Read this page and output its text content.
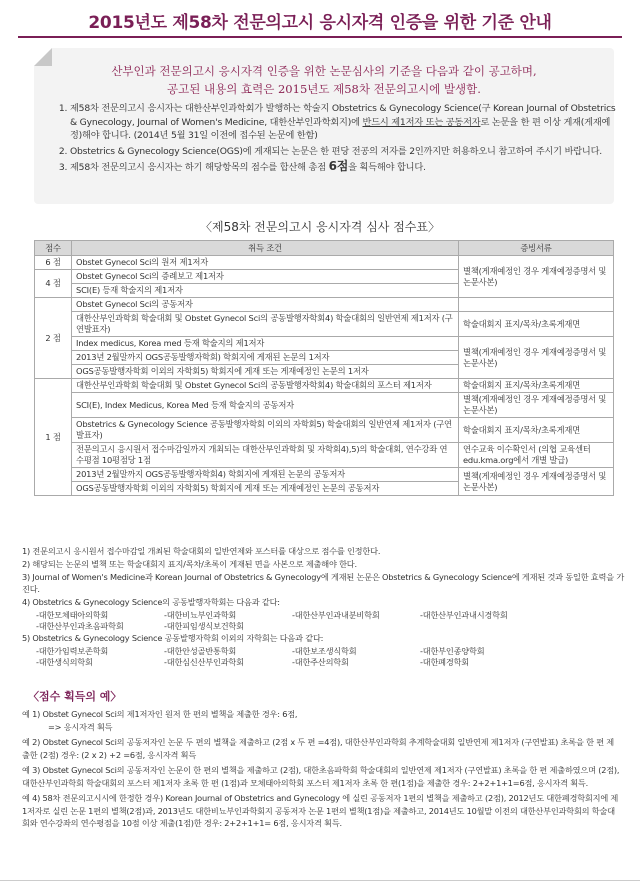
2015년도 제58차 전문의고시 응시자격 인증을 위한 기준 안내
산부인과 전문의고시 응시자격 인증을 위한 논문심사의 기준을 다음과 같이 공고하며,
공고된 내용의 효력은 2015년도 제58차 전문의고시에 발생함.
1. 제58차 전문의고시 응시자는 대한산부인과학회가 발행하는 학술지 Obstetrics & Gynecology Science(구 Korean Journal of Obstetrics & Gynecology, Journal of Women's Medicine, 대한산부인과학회지)에 반드시 제1저자 또는 공동저자로 논문을 한 편 이상 게재(게재예정)해야 합니다. (2014년 5월 31일 이전에 접수된 논문에 한함)
2. Obstetrics & Gynecology Science(OGS)에 게재되는 논문은 한 편당 전공의 저자를 2인까지만 허용하오니 참고하여 주시기 바랍니다.
3. 제58차 전문의고시 응시자는 하기 해당항목의 점수를 합산해 총점 6점을 획득해야 합니다.
〈제58차 전문의고시 응시자격 심사 점수표〉
점수	취득 조건	증빙서류
6 점	Obstet Gynecol Sci의 원저 제1저자	별책(게재예정인 경우 게재예정증명서 및 논문사본)
4 점	Obstet Gynecol Sci의 증례보고 제1저자	
	SCI(E) 등재 학술지의 제1저자	
2 점	Obstet Gynecol Sci의 공동저자	
	대한산부인과학회 학술대회 및 Obstet Gynecol Sci의 공동발행자학회4) 학술대회의 일반연제 제1저자 (구연발표자)	학술대회지 표지/목차/초록게재면
	Index medicus, Korea med 등재 학술지의 제1저자	별책(게재예정인 경우 게재예정증명서 및 논문사본)
	2013년 2월말까지 OGS공동발행자학회) 학회지에 게재된 논문의 1저자	
	OGS공동발행자학회 이외의 자학회5) 학회지에 게재 또는 게재예정인 논문의 1저자	
1 점	대한산부인과학회 학술대회 및 Obstet Gynecol Sci의 공동발행자학회4) 학술대회의 포스터 제1저자	학술대회지 표지/목차/초록게재면
	SCI(E), Index Medicus, Korea Med 등재 학술지의 공동저자	별책(게재예정인 경우 게재예정증명서 및 논문사본)
	Obstetrics & Gynecology Science 공동발행자학회 이외의 자학회5) 학술대회의 일반연제 제1저자 (구연발표자)	학술대회지 표지/목차/초록게재면
	전문의고시 응시원서 접수마감일까지 개최되는 대한산부인과학회 및 자학회4),5)의 학술대회, 연수강좌 연수평점 10평점당 1점	연수교육 이수확인서 (의협 교육센터 edu.kma.org에서 개별 발급)
	2013년 2월말까지 OGS공동발행자학회4) 학회지에 게재된 논문의 공동저자	별책(게재예정인 경우 게재예정증명서 및 논문사본)
	OGS공동발행자학회 이외의 자학회5) 학회지에 게재 또는 게재예정인 논문의 공동저자	

1) 전문의고시 응시원서 접수마감일 개최된 학술대회의 일반연제와 포스터를 대상으로 점수를 인정한다.

2) 해당되는 논문의 별책 또는 학술대회지 표지/목차/초록이 게재된 면을 사본으로 제출해야 한다.

3) Journal of Women's Medicine과 Korean Journal of Obstetrics & Gynecology에 게재된 논문은 Obstetrics & Gynecology Science에 게재된 것과 동일한 효력을 가진다.

4) Obstetrics & Gynecology Science의 공동발행자학회는 다음과 같다:

-대한모체태아의학회	-대한비뇨부인과학회	-대한산부인과내분비학회	-대한산부인과내시경학회
-대한산부인과초음파학회	-대한피임생식보건학회

5) Obstetrics & Gynecology Science 공동발행자학회 이외의 자학회는 다음과 같다:

-대한가임력보존학회	-대한안성골반통학회	-대한보조생식학회	-대한부인종양학회
-대한생식의학회	-대한심신산부인과학회	-대한주산의학회	-대한폐경학회
〈점수 획득의 예〉

예 1) Obstet Gynecol Sci의 제1저자인 원저 한 편의 별책을 제출한 경우: 6점,
=> 응시자격 획득

예 2) Obstet Gynecol Sci의 공동저자인 논문 두 편의 별책을 제출하고 (2점 x 두 편 =4점), 대한산부인과학회 추계학술대회 일반연제 제1저자 (구연발표) 초록을 한 편 제출한 (2점) 경우: (2 x 2) +2 =6점, 응시자격 획득

예 3) Obstet Gynecol Sci의 공동저자인 논문이 한 편의 별책을 제출하고 (2점), 대한초음파학회 학술대회의 일반연제 제1저자 (구연발표) 초록을 한 편 제출하였으며 (2점), 대한산부인과학회 학술대회의 포스터 제1저자 초록 한 편 (1점)과 모체태아의학회 포스터 제1저자 초록 한 편(1점)을 제출한 경우: 2+2+1+1=6점, 응시자격 획득.

예 4) 58차 전문의고시시에 한정한 경우) Korean Journal of Obstetrics and Gynecology 에 실린 공동저자 1편의 별책을 제출하고 (2점), 2012년도 대한폐경학회지에 제1저자로 실린 논문 1편의 별책(2점)과, 2013년도 대한비뇨부인과학회지 공동저자 논문 1편의 별책(1점)을 제출하고, 2014년도 10월말 이전의 대한산부인과학회의 학술대회와 연수강좌의 연수평점을 10점 이상 제출(1점)한 경우: 2+2+1+1= 6점, 응시자격 획득.
